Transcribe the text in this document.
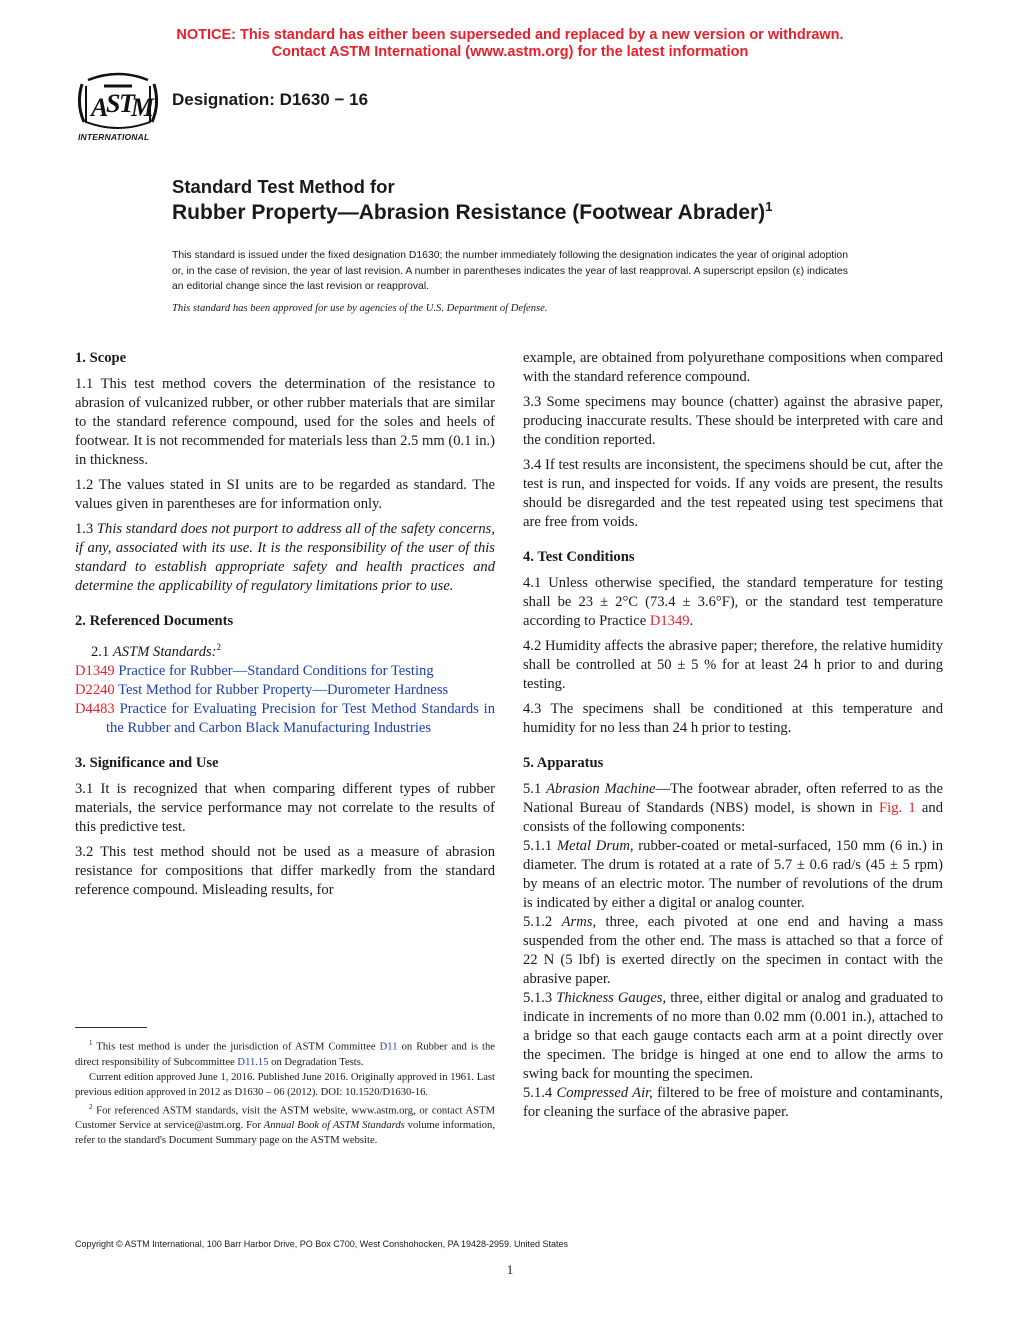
NOTICE: This standard has either been superseded and replaced by a new version or withdrawn.
Contact ASTM International (www.astm.org) for the latest information
A
S
T
M
INTERNATIONAL
Designation: D1630 − 16
Standard Test Method for
Rubber Property—Abrasion Resistance (Footwear Abrader)$^1$
This standard is issued under the fixed designation D1630; the number immediately following the designation indicates the year of original adoption or, in the case of revision, the year of last revision. A number in parentheses indicates the year of last reapproval. A superscript epsilon (ε) indicates an editorial change since the last revision or reapproval.
This standard has been approved for use by agencies of the U.S. Department of Defense.

1. Scope

1.1 This test method covers the determination of the resistance to abrasion of vulcanized rubber, or other rubber materials that are similar to the standard reference compound, used for the soles and heels of footwear. It is not recommended for materials less than 2.5 mm (0.1 in.) in thickness.

1.2 The values stated in SI units are to be regarded as standard. The values given in parentheses are for information only.

1.3 This standard does not purport to address all of the safety concerns, if any, associated with its use. It is the responsibility of the user of this standard to establish appropriate safety and health practices and determine the applicability of regulatory limitations prior to use.

2. Referenced Documents

2.1 ASTM Standards:$^2$

D1349 Practice for Rubber—Standard Conditions for Testing

D2240 Test Method for Rubber Property—Durometer Hardness

D4483 Practice for Evaluating Precision for Test Method Standards in the Rubber and Carbon Black Manufacturing Industries

3. Significance and Use

3.1 It is recognized that when comparing different types of rubber materials, the service performance may not correlate to the results of this predictive test.

3.2 This test method should not be used as a measure of abrasion resistance for compositions that differ markedly from the standard reference compound. Misleading results, for

$^1$ This test method is under the jurisdiction of ASTM Committee D11 on Rubber and is the direct responsibility of Subcommittee D11.15 on Degradation Tests.

Current edition approved June 1, 2016. Published June 2016. Originally approved in 1961. Last previous edition approved in 2012 as D1630 – 06 (2012). DOI: 10.1520/D1630-16.

$^2$ For referenced ASTM standards, visit the ASTM website, www.astm.org, or contact ASTM Customer Service at service@astm.org. For Annual Book of ASTM Standards volume information, refer to the standard's Document Summary page on the ASTM website.

example, are obtained from polyurethane compositions when compared with the standard reference compound.

3.3 Some specimens may bounce (chatter) against the abrasive paper, producing inaccurate results. These should be interpreted with care and the condition reported.

3.4 If test results are inconsistent, the specimens should be cut, after the test is run, and inspected for voids. If any voids are present, the results should be disregarded and the test repeated using test specimens that are free from voids.

4. Test Conditions

4.1 Unless otherwise specified, the standard temperature for testing shall be 23 ± 2°C (73.4 ± 3.6°F), or the standard test temperature according to Practice D1349.

4.2 Humidity affects the abrasive paper; therefore, the relative humidity shall be controlled at 50 ± 5 % for at least 24 h prior to and during testing.

4.3 The specimens shall be conditioned at this temperature and humidity for no less than 24 h prior to testing.

5. Apparatus

5.1 Abrasion Machine—The footwear abrader, often referred to as the National Bureau of Standards (NBS) model, is shown in Fig. 1 and consists of the following components:

5.1.1 Metal Drum, rubber-coated or metal-surfaced, 150 mm (6 in.) in diameter. The drum is rotated at a rate of 5.7 ± 0.6 rad/s (45 ± 5 rpm) by means of an electric motor. The number of revolutions of the drum is indicated by either a digital or analog counter.

5.1.2 Arms, three, each pivoted at one end and having a mass suspended from the other end. The mass is attached so that a force of 22 N (5 lbf) is exerted directly on the specimen in contact with the abrasive paper.

5.1.3 Thickness Gauges, three, either digital or analog and graduated to indicate in increments of no more than 0.02 mm (0.001 in.), attached to a bridge so that each gauge contacts each arm at a point directly over the specimen. The bridge is hinged at one end to allow the arms to swing back for mounting the specimen.

5.1.4 Compressed Air, filtered to be free of moisture and contaminants, for cleaning the surface of the abrasive paper.

Copyright © ASTM International, 100 Barr Harbor Drive, PO Box C700, West Conshohocken, PA 19428-2959. United States
1
